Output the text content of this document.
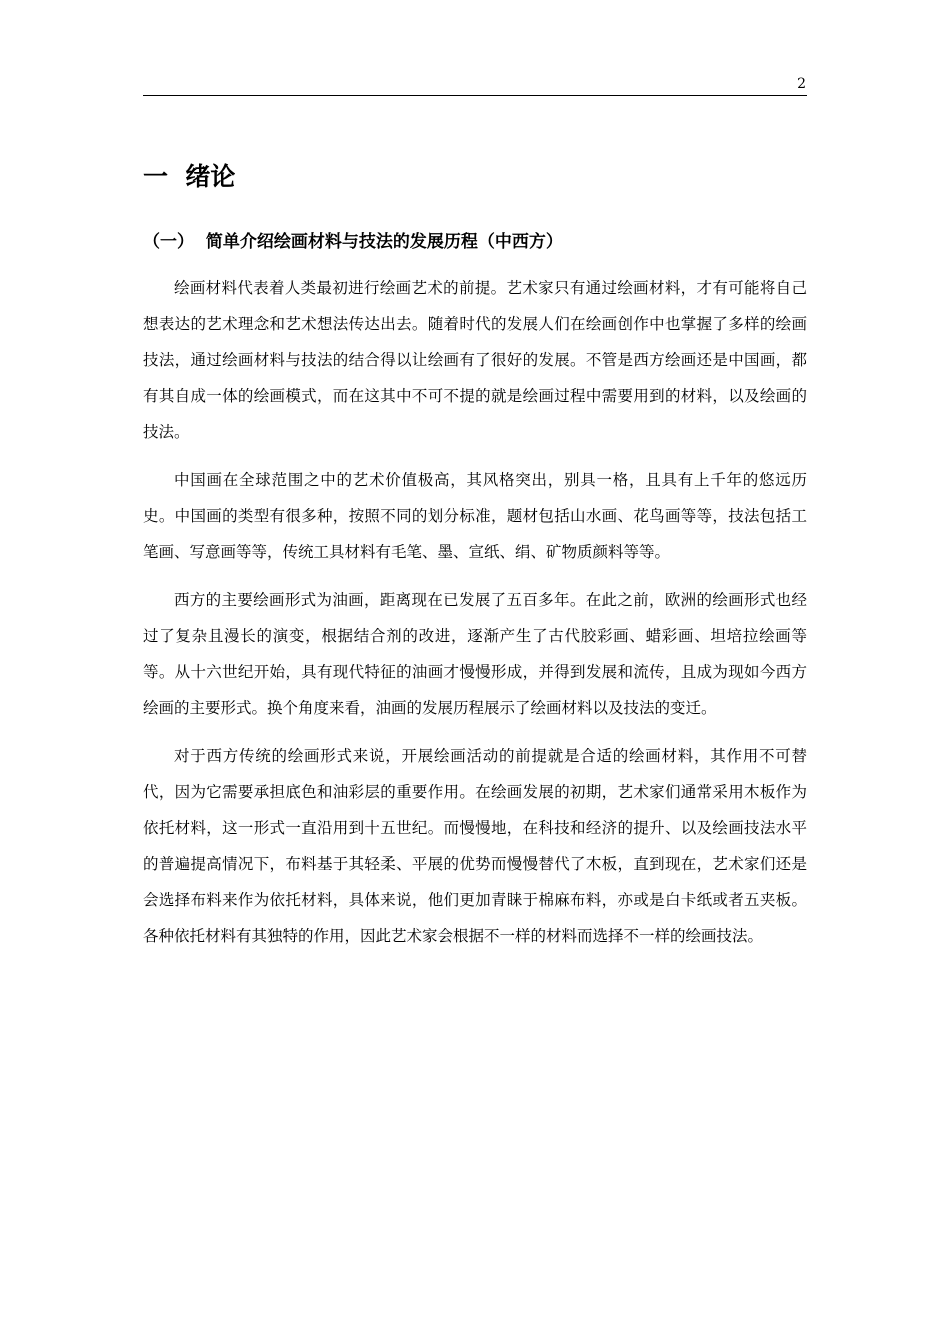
2
一  绪论
（一）  简单介绍绘画材料与技法的发展历程（中西方）

绘画材料代表着人类最初进行绘画艺术的前提。艺术家只有通过绘画材料，才有可能将自己想表达的艺术理念和艺术想法传达出去。随着时代的发展人们在绘画创作中也掌握了多样的绘画技法，通过绘画材料与技法的结合得以让绘画有了很好的发展。不管是西方绘画还是中国画，都有其自成一体的绘画模式，而在这其中不可不提的就是绘画过程中需要用到的材料，以及绘画的技法。

中国画在全球范围之中的艺术价值极高，其风格突出，别具一格，且具有上千年的悠远历史。中国画的类型有很多种，按照不同的划分标准，题材包括山水画、花鸟画等等，技法包括工笔画、写意画等等，传统工具材料有毛笔、墨、宣纸、绢、矿物质颜料等等。

西方的主要绘画形式为油画，距离现在已发展了五百多年。在此之前，欧洲的绘画形式也经过了复杂且漫长的演变，根据结合剂的改进，逐渐产生了古代胶彩画、蜡彩画、坦培拉绘画等等。从十六世纪开始，具有现代特征的油画才慢慢形成，并得到发展和流传，且成为现如今西方绘画的主要形式。换个角度来看，油画的发展历程展示了绘画材料以及技法的变迁。

对于西方传统的绘画形式来说，开展绘画活动的前提就是合适的绘画材料，其作用不可替代，因为它需要承担底色和油彩层的重要作用。在绘画发展的初期，艺术家们通常采用木板作为依托材料，这一形式一直沿用到十五世纪。而慢慢地，在科技和经济的提升、以及绘画技法水平的普遍提高情况下，布料基于其轻柔、平展的优势而慢慢替代了木板，直到现在，艺术家们还是会选择布料来作为依托材料，具体来说，他们更加青睐于棉麻布料，亦或是白卡纸或者五夹板。各种依托材料有其独特的作用，因此艺术家会根据不一样的材料而选择不一样的绘画技法。
